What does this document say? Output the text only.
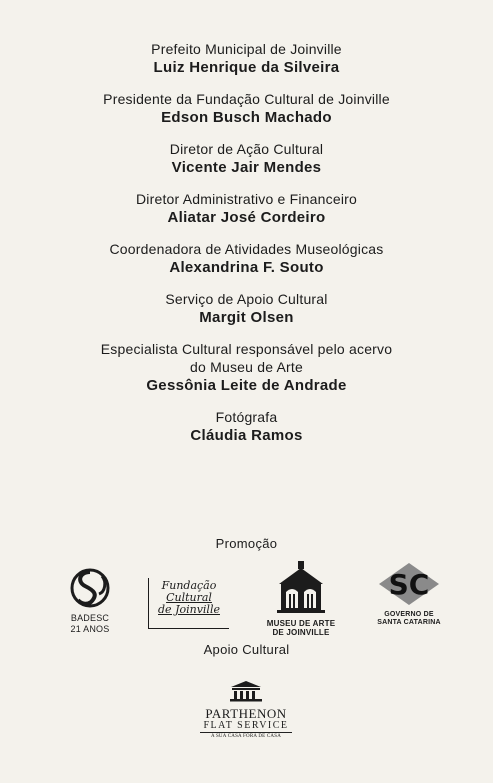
Prefeito Municipal de Joinville
Luiz Henrique da Silveira
Presidente da Fundação Cultural de Joinville
Edson Busch Machado
Diretor de Ação Cultural
Vicente Jair Mendes
Diretor Administrativo e Financeiro
Aliatar José Cordeiro
Coordenadora de Atividades Museológicas
Alexandrina F. Souto
Serviço de Apoio Cultural
Margit Olsen
Especialista Cultural responsável pelo acervo
do Museu de Arte
Gessônia Leite de Andrade
Fotógrafa
Cláudia Ramos
Promoção
BADESC
21 ANOS
Fundação
Cultural
de Joinville
MUSEU DE ARTE
DE JOINVILLE
SC
GOVERNO DE
SANTA CATARINA
Apoio Cultural
PARTHENON
FLAT SERVICE
A SUA CASA FORA DE CASA
